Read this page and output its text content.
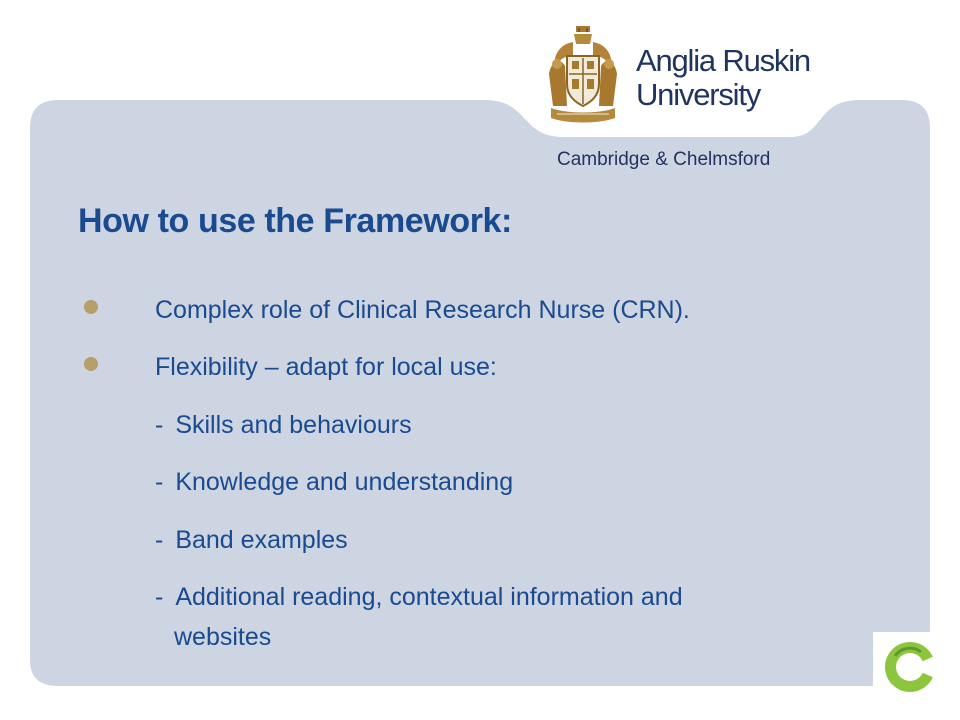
Anglia Ruskin
University
Cambridge & Chelmsford
How to use the Framework:
Complex role of Clinical Research Nurse (CRN).
Flexibility – adapt for local use:
- Skills and behaviours
- Knowledge and understanding
- Band examples
- Additional reading, contextual information and
websites
